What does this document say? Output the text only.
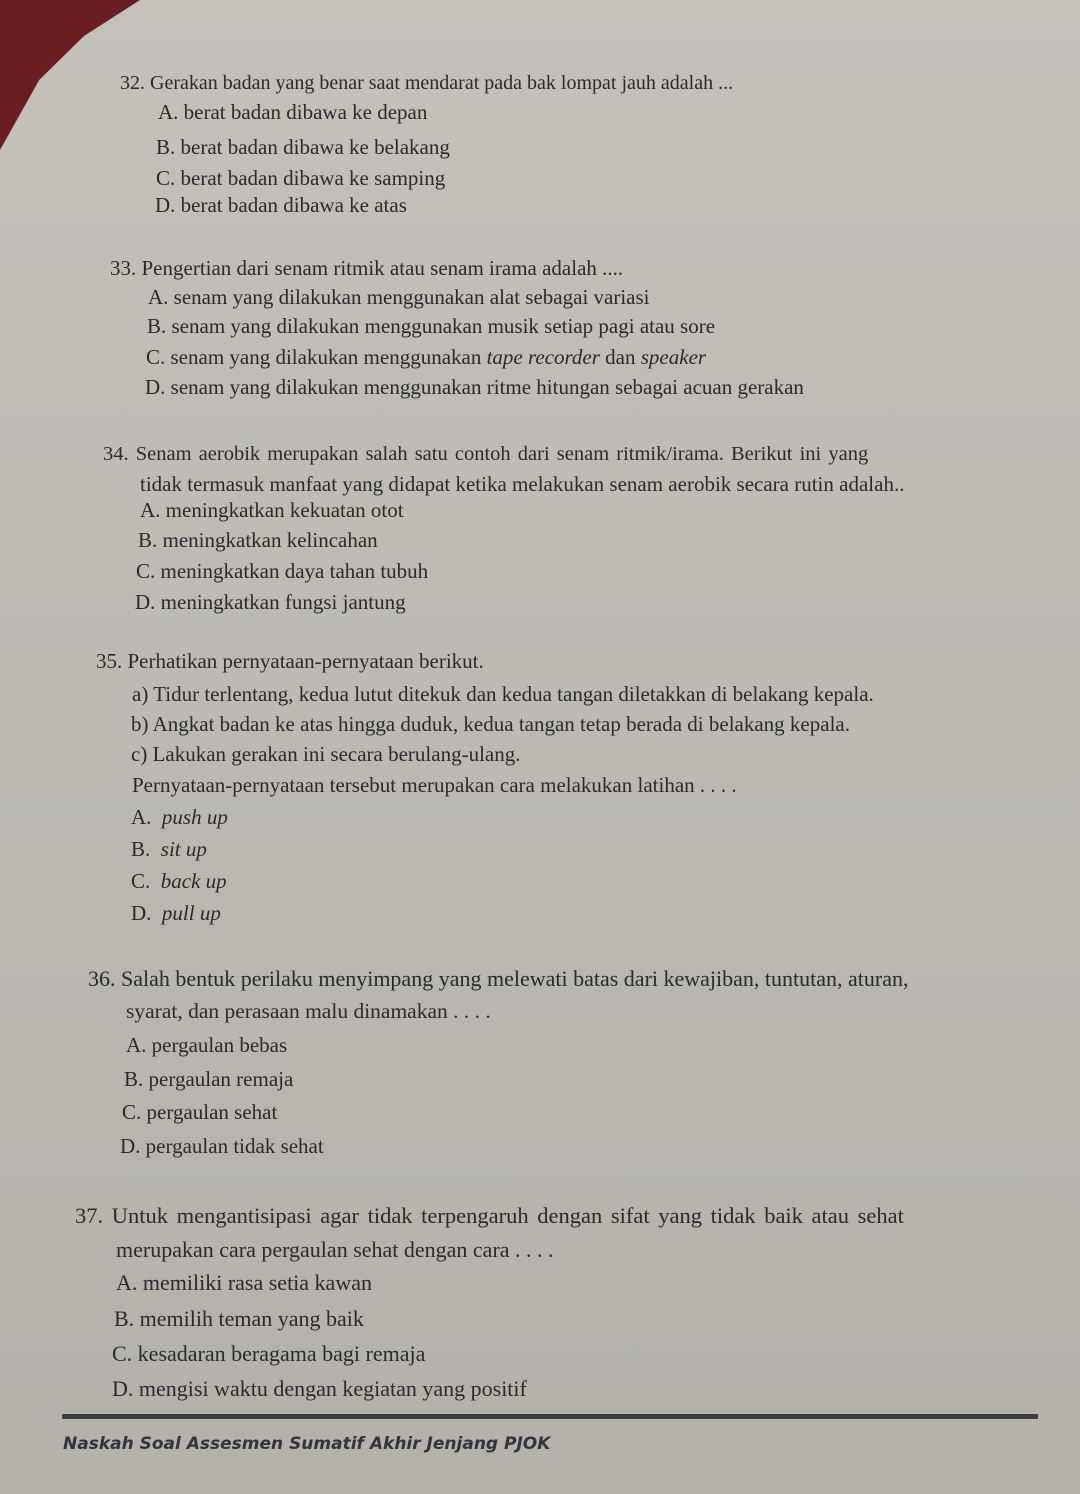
32. Gerakan badan yang benar saat mendarat pada bak lompat jauh adalah ...
A. berat badan dibawa ke depan
B. berat badan dibawa ke belakang
C. berat badan dibawa ke samping
D. berat badan dibawa ke atas
33. Pengertian dari senam ritmik atau senam irama adalah ....
A. senam yang dilakukan menggunakan alat sebagai variasi
B. senam yang dilakukan menggunakan musik setiap pagi atau sore
C. senam yang dilakukan menggunakan tape recorder dan speaker
D. senam yang dilakukan menggunakan ritme hitungan sebagai acuan gerakan
34. Senam aerobik merupakan salah satu contoh dari senam ritmik/irama. Berikut ini yang
tidak termasuk manfaat yang didapat ketika melakukan senam aerobik secara rutin adalah..
A. meningkatkan kekuatan otot
B. meningkatkan kelincahan
C. meningkatkan daya tahan tubuh
D. meningkatkan fungsi jantung
35. Perhatikan pernyataan-pernyataan berikut.
a) Tidur terlentang, kedua lutut ditekuk dan kedua tangan diletakkan di belakang kepala.
b) Angkat badan ke atas hingga duduk, kedua tangan tetap berada di belakang kepala.
c) Lakukan gerakan ini secara berulang-ulang.
Pernyataan-pernyataan tersebut merupakan cara melakukan latihan . . . .
A. push up
B. sit up
C. back up
D. pull up
36. Salah bentuk perilaku menyimpang yang melewati batas dari kewajiban, tuntutan, aturan,
syarat, dan perasaan malu dinamakan . . . .
A. pergaulan bebas
B. pergaulan remaja
C. pergaulan sehat
D. pergaulan tidak sehat
37. Untuk mengantisipasi agar tidak terpengaruh dengan sifat yang tidak baik atau sehat
merupakan cara pergaulan sehat dengan cara . . . .
A. memiliki rasa setia kawan
B. memilih teman yang baik
C. kesadaran beragama bagi remaja
D. mengisi waktu dengan kegiatan yang positif
Naskah Soal Assesmen Sumatif Akhir Jenjang PJOK
